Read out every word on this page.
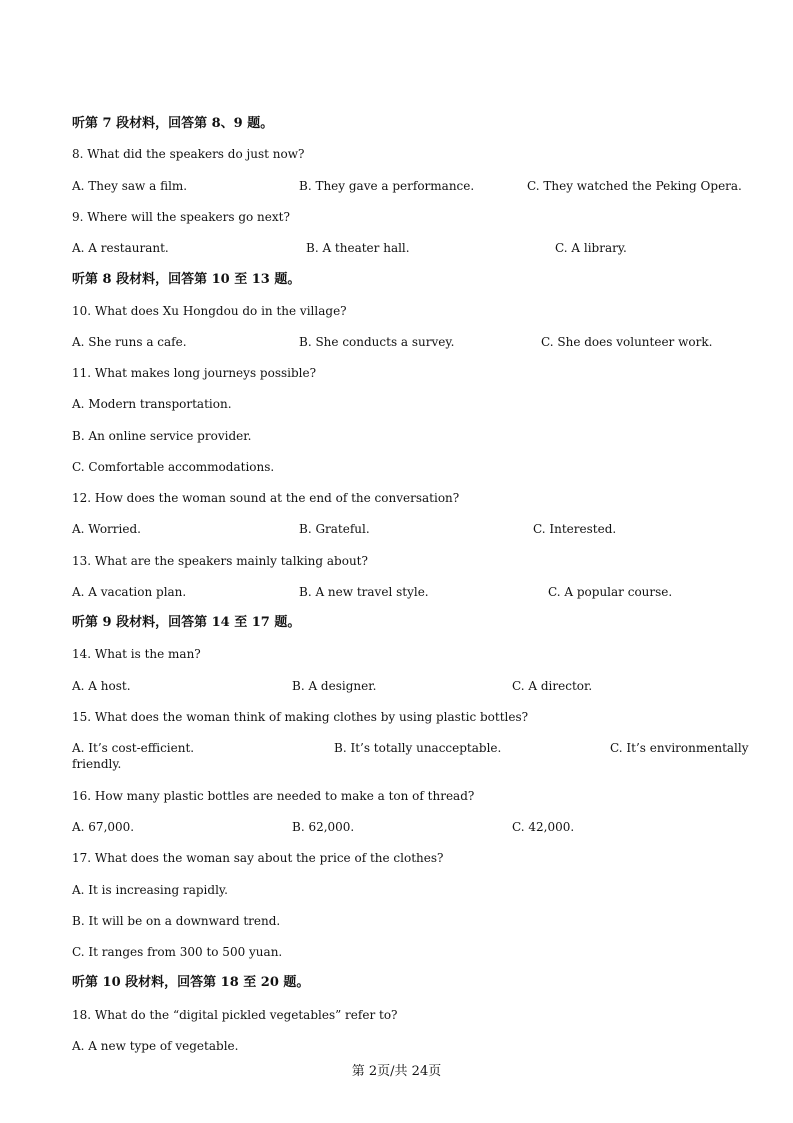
听第 7 段材料，回答第 8、9 题。
8. What did the speakers do just now?
A. They saw a film.	B. They gave a performance.	C. They watched the Peking Opera.
9. Where will the speakers go next?
A. A restaurant.	B. A theater hall.	C. A library.
听第 8 段材料，回答第 10 至 13 题。
10. What does Xu Hongdou do in the village?
A. She runs a cafe.	B. She conducts a survey.	C. She does volunteer work.
11. What makes long journeys possible?
A. Modern transportation.
B. An online service provider.
C. Comfortable accommodations.
12. How does the woman sound at the end of the conversation?
A. Worried.	B. Grateful.	C. Interested.
13. What are the speakers mainly talking about?
A. A vacation plan.	B. A new travel style.	C. A popular course.
听第 9 段材料，回答第 14 至 17 题。
14. What is the man?
A. A host.	B. A designer.	C. A director.
15. What does the woman think of making clothes by using plastic bottles?
A. It’s cost-efficient.	B. It’s totally unacceptable.	C. It’s environmentally
friendly.
16. How many plastic bottles are needed to make a ton of thread?
A. 67,000.	B. 62,000.	C. 42,000.
17. What does the woman say about the price of the clothes?
A. It is increasing rapidly.
B. It will be on a downward trend.
C. It ranges from 300 to 500 yuan.
听第 10 段材料，回答第 18 至 20 题。
18. What do the “digital pickled vegetables” refer to?
A. A new type of vegetable.
第 2页/共 24页
